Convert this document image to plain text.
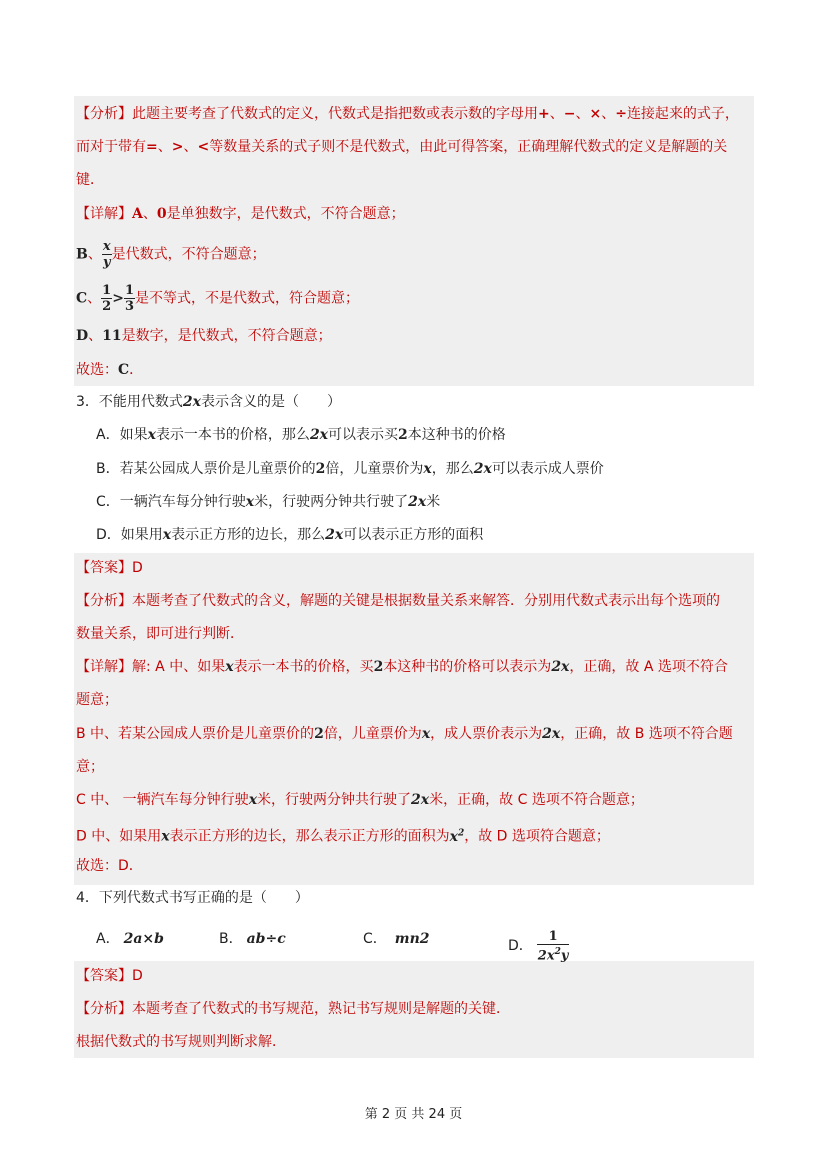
【分析】此题主要考查了代数式的定义，代数式是指把数或表示数的字母用+、−、×、÷连接起来的式子，
而对于带有=、>、<等数量关系的式子则不是代数式，由此可得答案，正确理解代数式的定义是解题的关
键．
【详解】A、0是单独数字，是代数式，不符合题意；
B、 $\frac{x}{y}$ 是代数式，不符合题意；
C、 $\frac{1}{2} > \frac{1}{3}$ 是不等式，不是代数式，符合题意；
D、11是数字，是代数式，不符合题意；
故选：C．
3．不能用代数式2x表示含义的是（　　）
A．如果x表示一本书的价格，那么2x可以表示买2本这种书的价格
B．若某公园成人票价是儿童票价的2倍，儿童票价为x，那么2x可以表示成人票价
C．一辆汽车每分钟行驶x米，行驶两分钟共行驶了2x米
D．如果用x表示正方形的边长，那么2x可以表示正方形的面积
【答案】D
【分析】本题考查了代数式的含义，解题的关键是根据数量关系来解答．分别用代数式表示出每个选项的
数量关系，即可进行判断．
【详解】解: A 中、如果x表示一本书的价格，买2本这种书的价格可以表示为2x，正确，故 A 选项不符合
题意；
B 中、若某公园成人票价是儿童票价的2倍，儿童票价为x，成人票价表示为2x，正确，故 B 选项不符合题
意；
C 中、 一辆汽车每分钟行驶x米，行驶两分钟共行驶了2x米，正确，故 C 选项不符合题意；
D 中、如果用x表示正方形的边长，那么表示正方形的面积为$x^2$，故 D 选项符合题意；
故选：D．
4．下列代数式书写正确的是（　　）
A． 2a×b	B． ab÷c	C． mn2	D． $\frac{1}{2x^2y}$
【答案】D
【分析】本题考查了代数式的书写规范，熟记书写规则是解题的关键．
根据代数式的书写规则判断求解．
第 2 页 共 24 页
